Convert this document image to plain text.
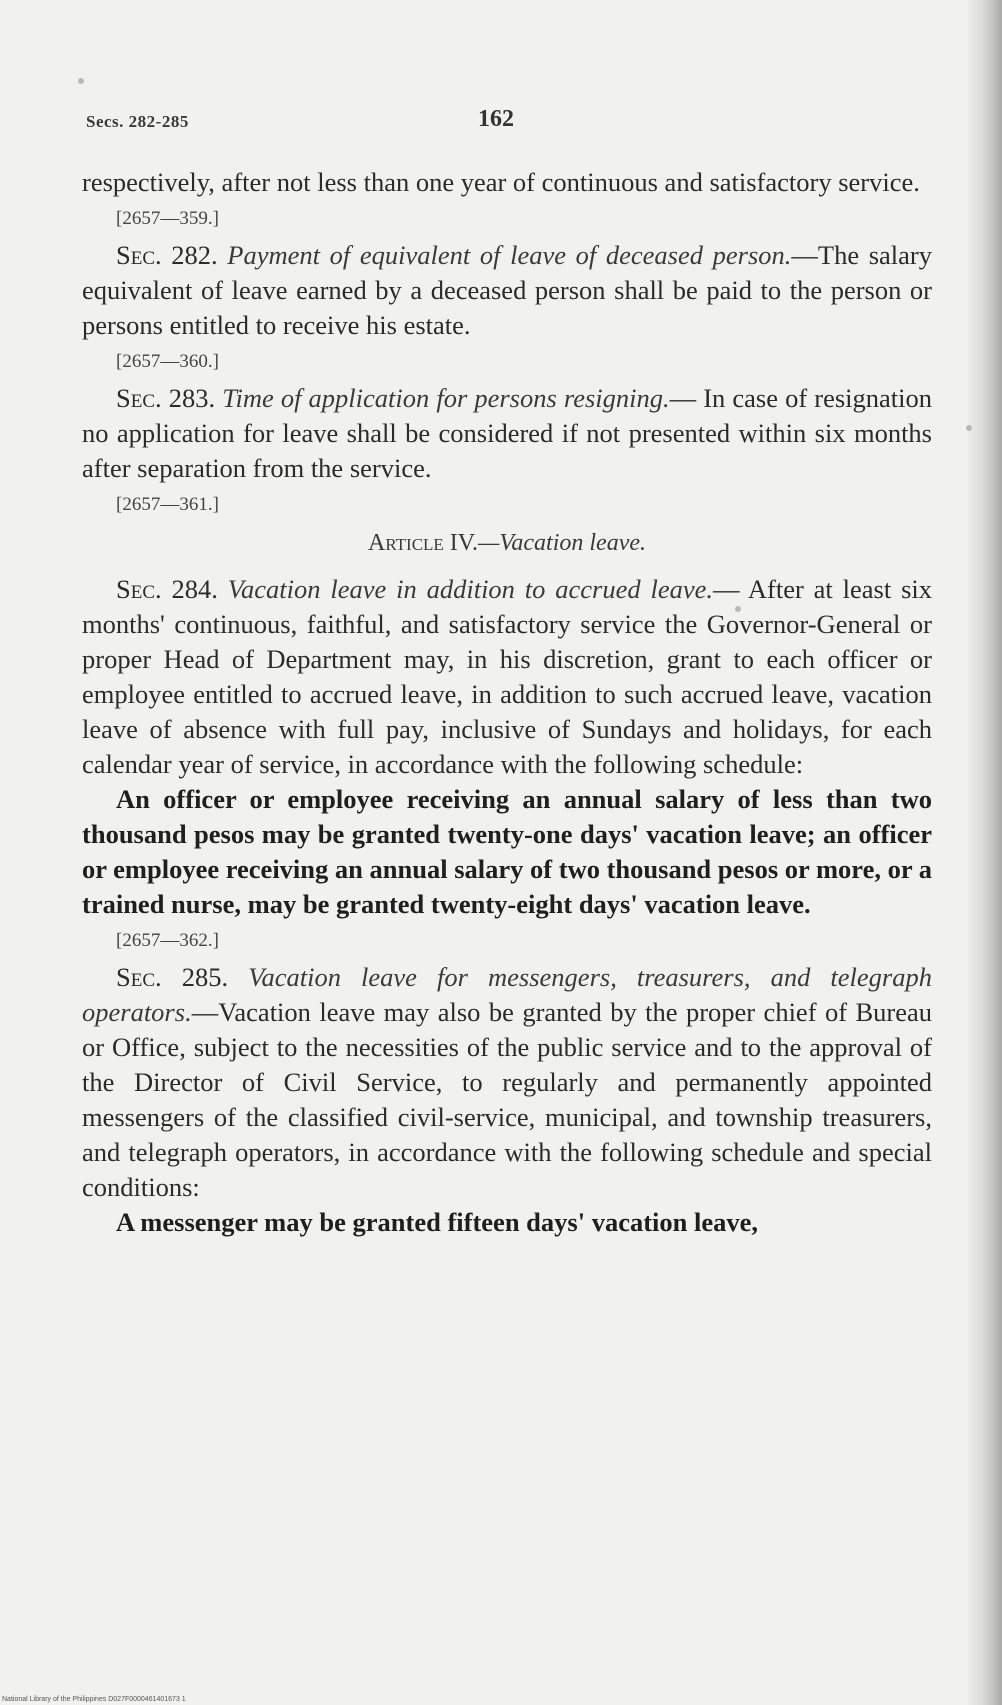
Secs. 282-285	162

respectively, after not less than one year of continuous and satisfactory service.

[2657—359.]

Sec. 282. Payment of equivalent of leave of deceased person.—The salary equivalent of leave earned by a deceased person shall be paid to the person or persons entitled to receive his estate.

[2657—360.]

Sec. 283. Time of application for persons resigning.— In case of resignation no application for leave shall be considered if not presented within six months after separation from the service.

[2657—361.]
Article IV.—Vacation leave.

Sec. 284. Vacation leave in addition to accrued leave.— After at least six months' continuous, faithful, and satisfactory service the Governor-General or proper Head of Department may, in his discretion, grant to each officer or employee entitled to accrued leave, in addition to such accrued leave, vacation leave of absence with full pay, inclusive of Sundays and holidays, for each calendar year of service, in accordance with the following schedule:

An officer or employee receiving an annual salary of less than two thousand pesos may be granted twenty-one days' vacation leave; an officer or employee receiving an annual salary of two thousand pesos or more, or a trained nurse, may be granted twenty-eight days' vacation leave.

[2657—362.]

Sec. 285. Vacation leave for messengers, treasurers, and telegraph operators.—Vacation leave may also be granted by the proper chief of Bureau or Office, subject to the necessities of the public service and to the approval of the Director of Civil Service, to regularly and permanently appointed messengers of the classified civil-service, municipal, and township treasurers, and telegraph operators, in accordance with the following schedule and special conditions:

A messenger may be granted fifteen days' vacation leave,

National Library of the Philippines D027F0000461401673 1
